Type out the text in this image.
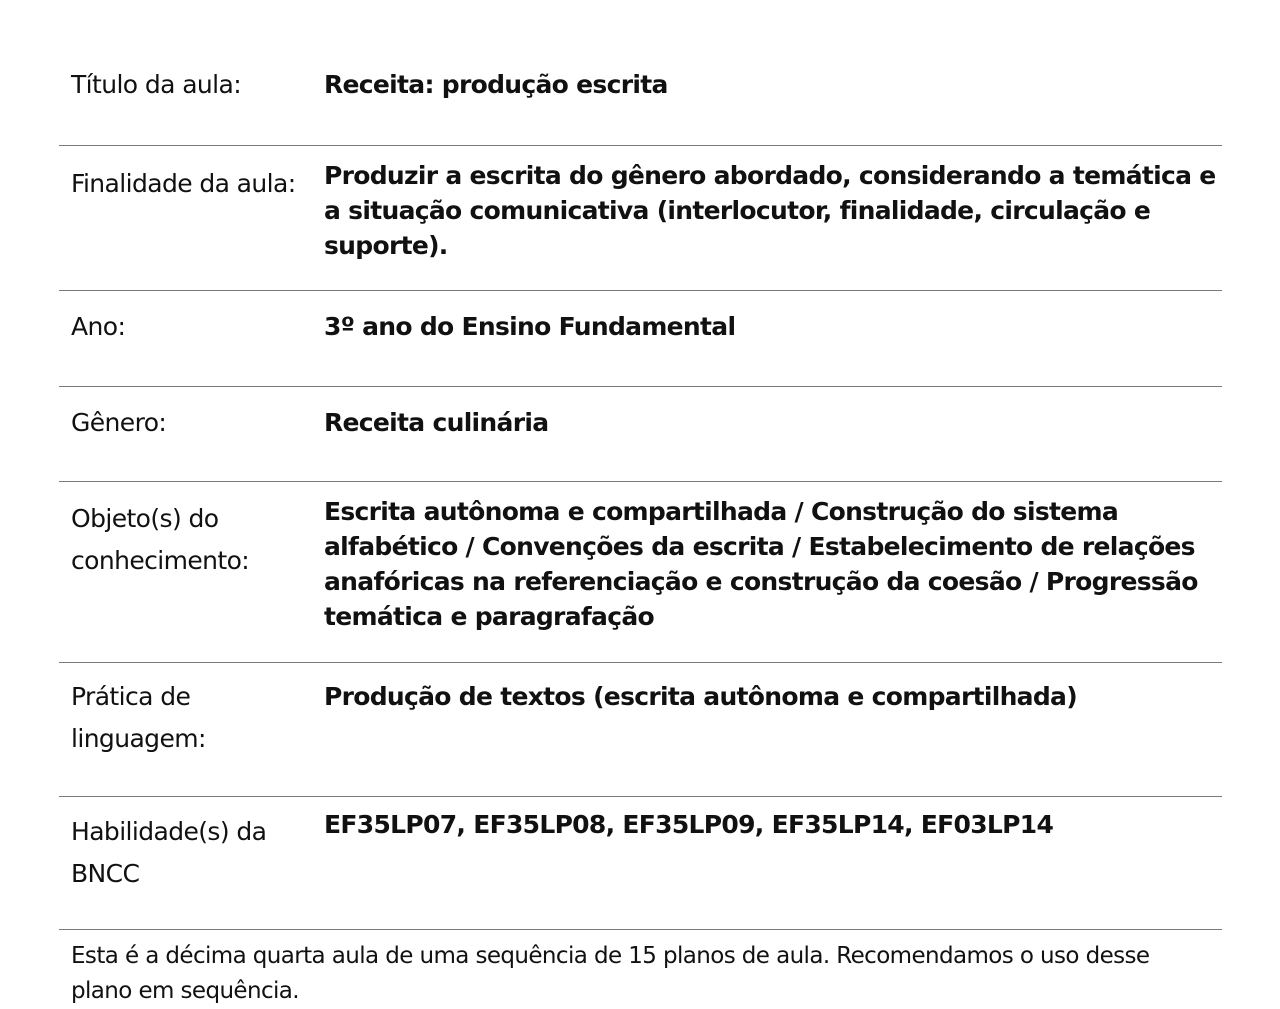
Título da aula:	Receita: produção escrita
Finalidade da aula:	Produzir a escrita do gênero abordado, considerando a temática e a situação comunicativa (interlocutor, finalidade, circulação e suporte).
Ano:	3º ano do Ensino Fundamental
Gênero:	Receita culinária
Objeto(s) do conhecimento:	Escrita autônoma e compartilhada / Construção do sistema alfabético / Convenções da escrita / Estabelecimento de relações anafóricas na referenciação e construção da coesão / Progressão temática e paragrafação
Prática de linguagem:	Produção de textos (escrita autônoma e compartilhada)
Habilidade(s) da BNCC	EF35LP07, EF35LP08, EF35LP09, EF35LP14, EF03LP14
Esta é a décima quarta aula de uma sequência de 15 planos de aula. Recomendamos o uso desse plano em sequência.
